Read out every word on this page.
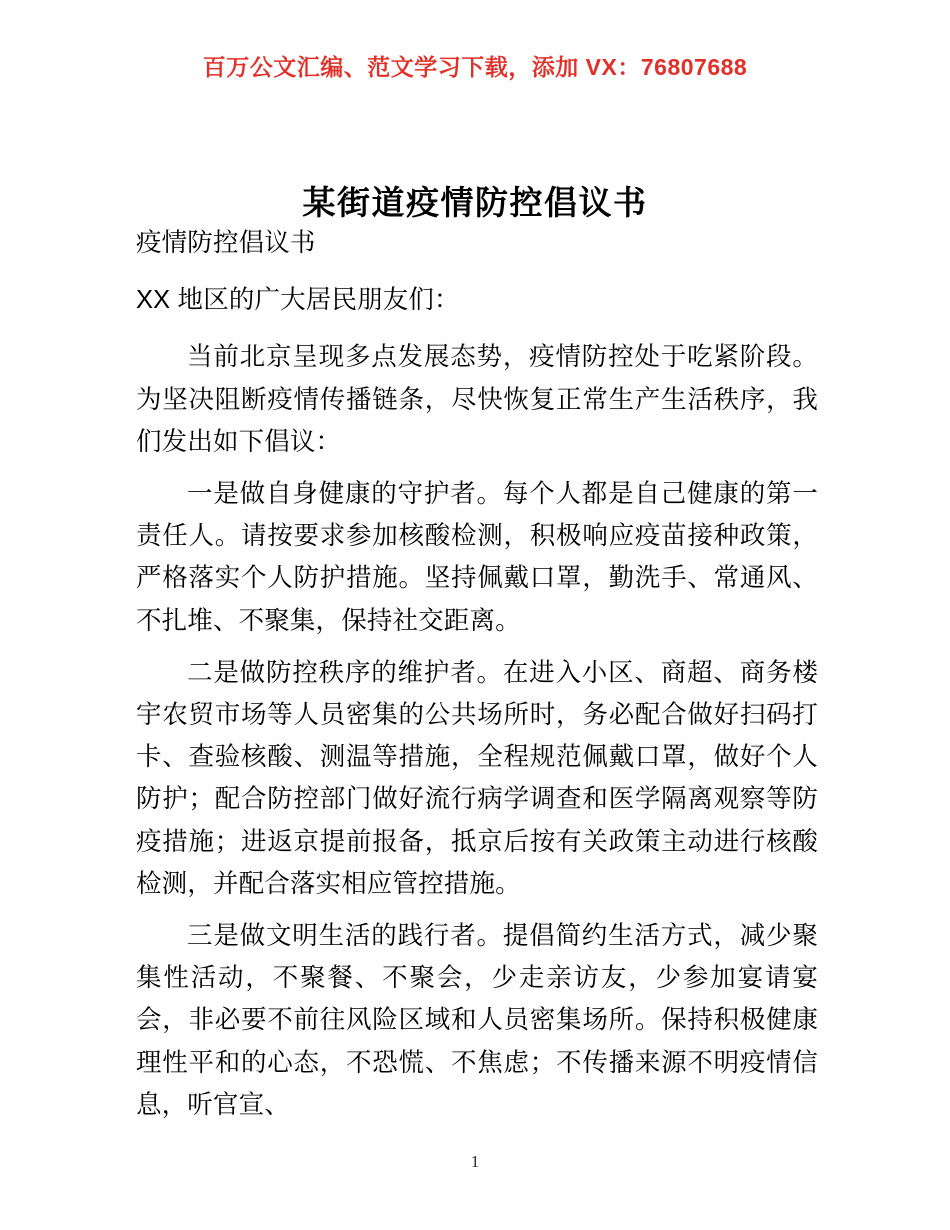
百万公文汇编、范文学习下载，添加 VX：76807688
某街道疫情防控倡议书

疫情防控倡议书

XX 地区的广大居民朋友们：

当前北京呈现多点发展态势，疫情防控处于吃紧阶段。为坚决阻断疫情传播链条，尽快恢复正常生产生活秩序，我们发出如下倡议：

一是做自身健康的守护者。每个人都是自己健康的第一责任人。请按要求参加核酸检测，积极响应疫苗接种政策，严格落实个人防护措施。坚持佩戴口罩，勤洗手、常通风、不扎堆、不聚集，保持社交距离。

二是做防控秩序的维护者。在进入小区、商超、商务楼宇农贸市场等人员密集的公共场所时，务必配合做好扫码打卡、查验核酸、测温等措施，全程规范佩戴口罩，做好个人防护；配合防控部门做好流行病学调查和医学隔离观察等防疫措施；进返京提前报备，抵京后按有关政策主动进行核酸检测，并配合落实相应管控措施。

三是做文明生活的践行者。提倡简约生活方式，减少聚集性活动，不聚餐、不聚会，少走亲访友，少参加宴请宴会，非必要不前往风险区域和人员密集场所。保持积极健康理性平和的心态，不恐慌、不焦虑；不传播来源不明疫情信息，听官宣、

1
